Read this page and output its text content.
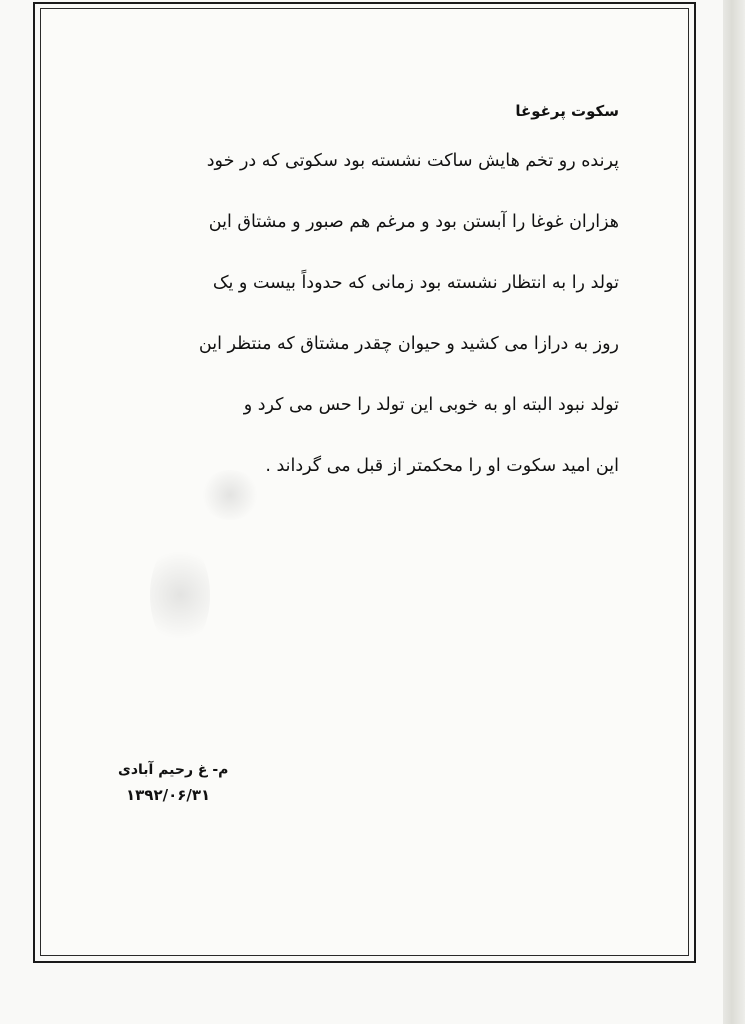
سکوت پرغوغا
پرنده رو تخم هایش ساکت نشسته بود سکوتی که در خود
هزاران غوغا را آبستن بود و مرغم هم صبور و مشتاق این
تولد را به انتظار نشسته بود زمانی که حدوداً بیست و یک
روز به درازا می کشید و حیوان چقدر مشتاق که منتظر این
تولد نبود البته او به خوبی این تولد را حس می کرد و
این امید سکوت او را محکمتر از قبل می گرداند .
م- غ رحیم آبادی
۱۳۹۲/۰۶/۳۱
